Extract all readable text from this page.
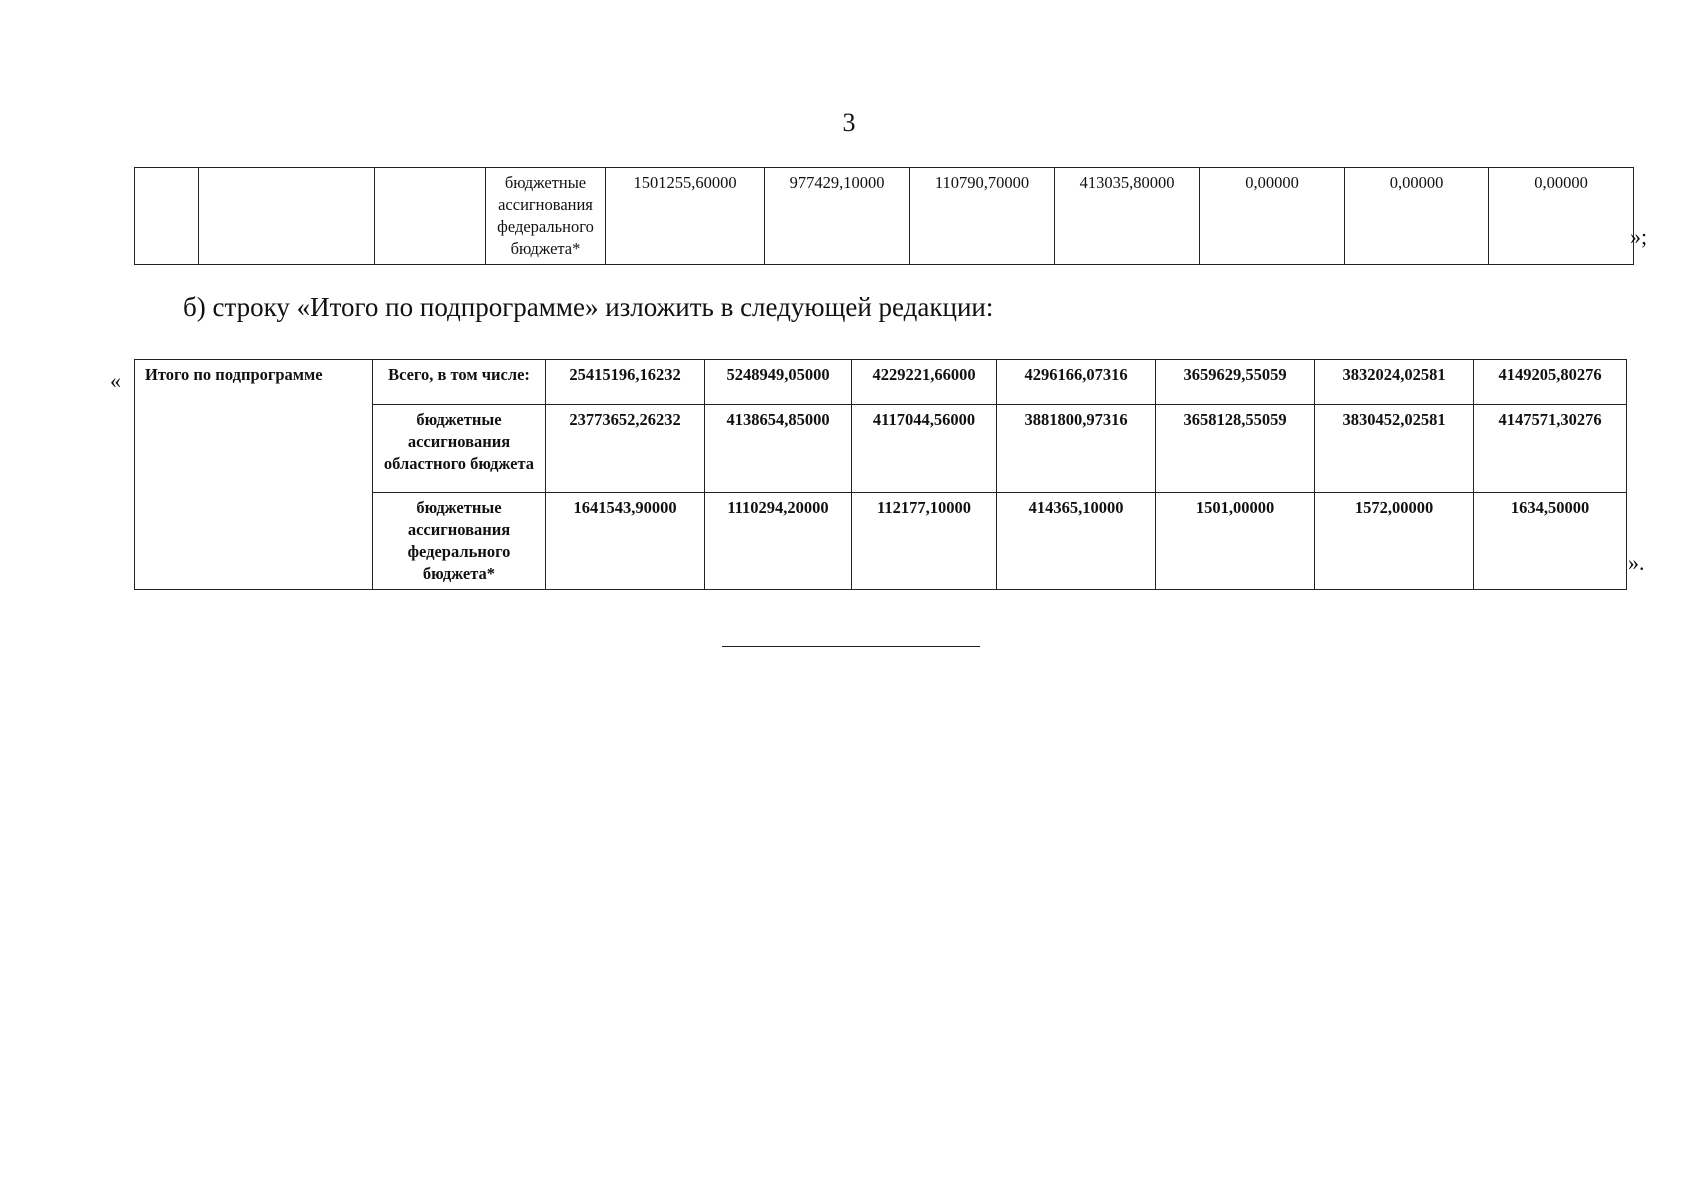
3
			бюджетные ассигнования федерального бюджета*	1501255,60000	977429,10000	110790,70000	413035,80000	0,00000	0,00000	0,00000
»;
б) строку «Итого по подпрограмме» изложить в следующей редакции:
« Итого по подпрограмме	Всего, в том числе:	25415196,16232	5248949,05000	4229221,66000	4296166,07316	3659629,55059	3832024,02581	4149205,80276
	бюджетные ассигнования областного бюджета	23773652,26232	4138654,85000	4117044,56000	3881800,97316	3658128,55059	3830452,02581	4147571,30276
	бюджетные ассигнования федерального бюджета*	1641543,90000	1110294,20000	112177,10000	414365,10000	1501,00000	1572,00000	1634,50000
».
